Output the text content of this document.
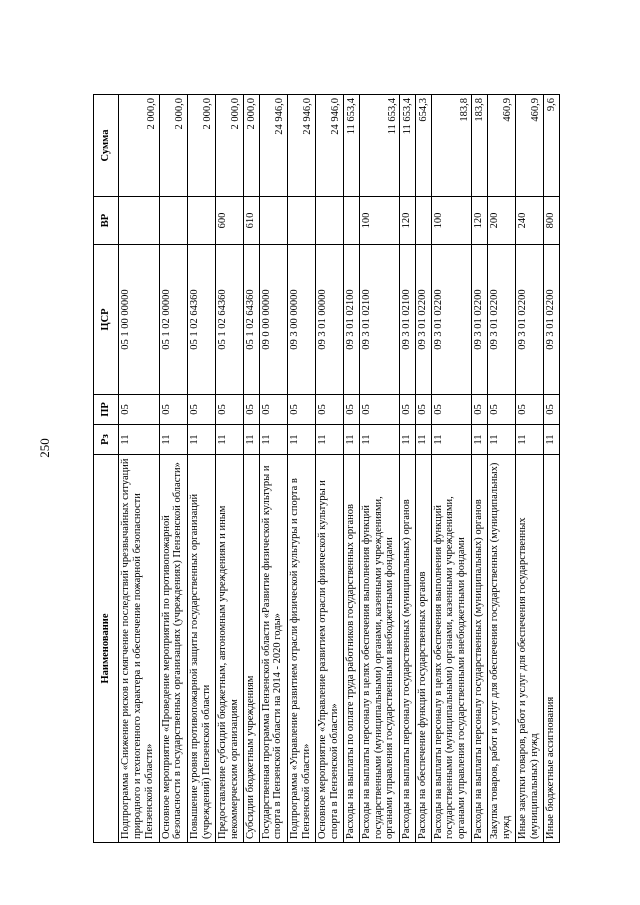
250
Наименование	Рз	ПР	ЦСР	ВР	Сумма
Подпрограмма «Снижение рисков и смягчение последствий чрезвычайных ситуаций природного и техногенного характера и обеспечение пожарной безопасности Пензенской области»	11	05	05 1 00 00000		2 000,0
Основное мероприятие «Проведение мероприятий по противопожарной безопасности в государственных организациях (учреждениях) Пензенской области»	11	05	05 1 02 00000		2 000,0
Повышение уровня противопожарной защиты государственных организаций (учреждений) Пензенской области	11	05	05 1 02 64360		2 000,0
Предоставление субсидий бюджетным, автономным учреждениям и иным некоммерческим организациям	11	05	05 1 02 64360	600	2 000,0
Субсидии бюджетным учреждениям	11	05	05 1 02 64360	610	2 000,0
Государственная программа Пензенской области «Развитие физической культуры и спорта в Пензенской области на 2014 - 2020 годы»	11	05	09 0 00 00000		24 946,0
Подпрограмма «Управление развитием отрасли физической культуры и спорта в Пензенской области»	11	05	09 3 00 00000		24 946,0
Основное мероприятие «Управление развитием отрасли физической культуры и спорта в Пензенской области»	11	05	09 3 01 00000		24 946,0
Расходы на выплаты по оплате труда работников государственных органов	11	05	09 3 01 02100		11 653,4
Расходы на выплаты персоналу в целях обеспечения выполнения функций государственными (муниципальными) органами, казенными учреждениями, органами управления государственными внебюджетными фондами	11	05	09 3 01 02100	100	11 653,4
Расходы на выплаты персоналу государственных (муниципальных) органов	11	05	09 3 01 02100	120	11 653,4
Расходы на обеспечение функций государственных органов	11	05	09 3 01 02200		654,3
Расходы на выплаты персоналу в целях обеспечения выполнения функций государственными (муниципальными) органами, казенными учреждениями, органами управления государственными внебюджетными фондами	11	05	09 3 01 02200	100	183,8
Расходы на выплаты персоналу государственных (муниципальных) органов	11	05	09 3 01 02200	120	183,8
Закупка товаров, работ и услуг для обеспечения государственных (муниципальных) нужд	11	05	09 3 01 02200	200	460,9
Иные закупки товаров, работ и услуг для обеспечения государственных (муниципальных) нужд	11	05	09 3 01 02200	240	460,9
Иные бюджетные ассигнования	11	05	09 3 01 02200	800	9,6
